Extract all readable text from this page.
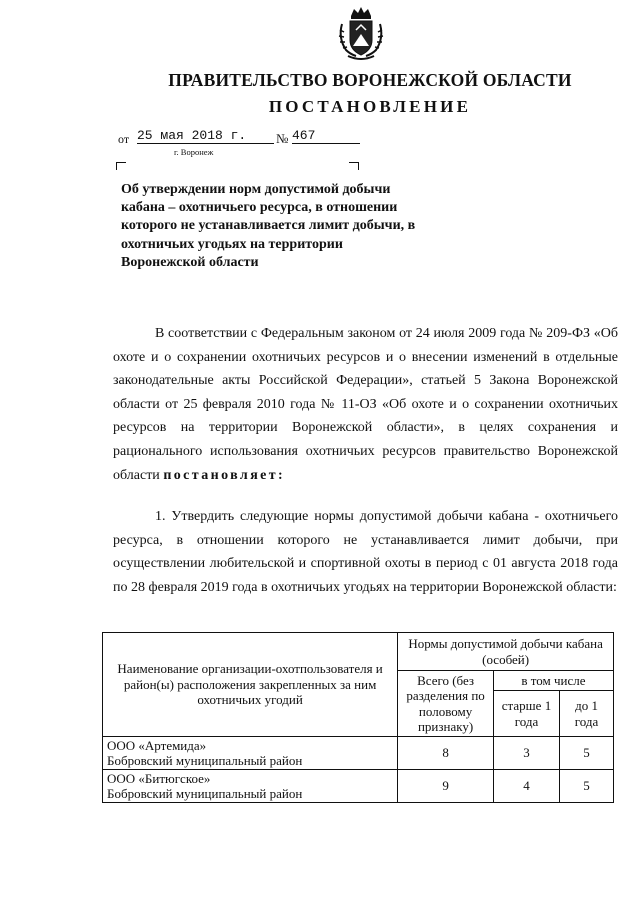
ПРАВИТЕЛЬСТВО ВОРОНЕЖСКОЙ ОБЛАСТИ
ПОСТАНОВЛЕНИЕ
от 25 мая 2018 г.
г. Воронеж
№ 467
Об утверждении норм допустимой добычи кабана – охотничьего ресурса, в отношении которого не устанавливается лимит добычи, в охотничьих угодьях на территории Воронежской области
В соответствии с Федеральным законом от 24 июля 2009 года № 209-ФЗ «Об охоте и о сохранении охотничьих ресурсов и о внесении изменений в отдельные законодательные акты Российской Федерации», статьей 5 Закона Воронежской области от 25 февраля 2010 года № 11-ОЗ «Об охоте и о сохранении охотничьих ресурсов на территории Воронежской области», в целях сохранения и рационального использования охотничьих ресурсов правительство Воронежской области постановляет:
1. Утвердить следующие нормы допустимой добычи кабана - охотничьего ресурса, в отношении которого не устанавливается лимит добычи, при осуществлении любительской и спортивной охоты в период с 01 августа 2018 года по 28 февраля 2019 года в охотничьих угодьях на территории Воронежской области:
Наименование организации-охотпользователя и район(ы) расположения закрепленных за ним охотничьих угодий	Нормы допустимой добычи кабана (особей)		
	Всего (без разделения по половому признаку)	в том числе	
		старше 1 года	до 1 года
ООО «Артемида»
Бобровский муниципальный район	8	3	5
ООО «Битюгское»
Бобровский муниципальный район	9	4	5
